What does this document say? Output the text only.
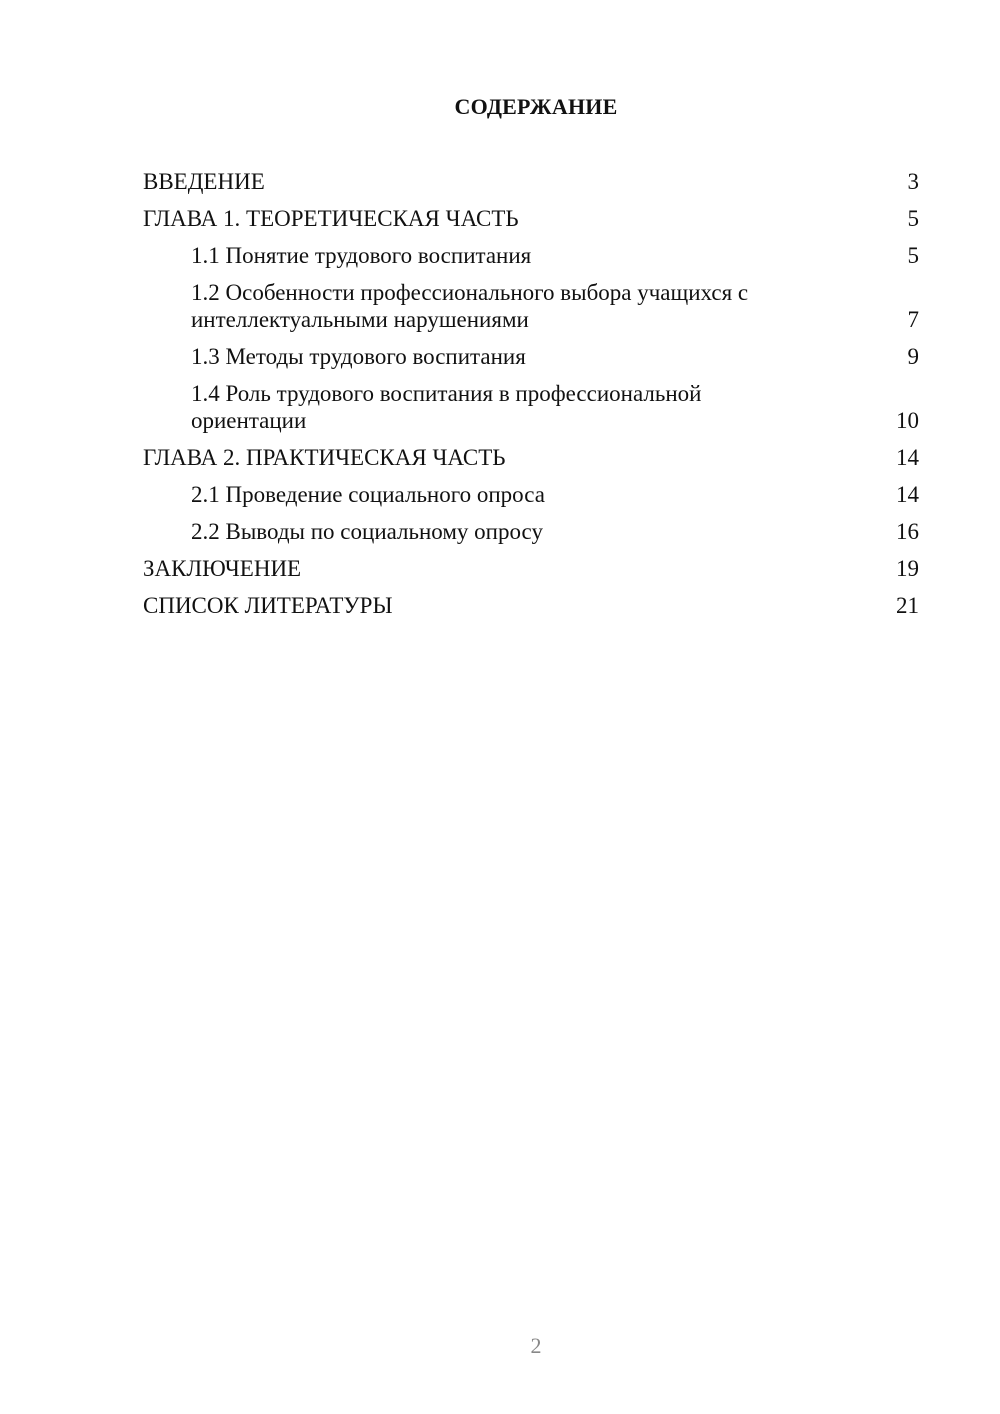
СОДЕРЖАНИЕ
ВВЕДЕНИЕ	3
ГЛАВА 1. ТЕОРЕТИЧЕСКАЯ ЧАСТЬ	5
1.1 Понятие трудового воспитания	5
1.2 Особенности профессионального выбора учащихся с
интеллектуальными нарушениями	7
1.3 Методы трудового воспитания	9
1.4 Роль трудового воспитания в профессиональной
ориентации	10
ГЛАВА 2. ПРАКТИЧЕСКАЯ ЧАСТЬ	14
2.1 Проведение социального опроса	14
2.2 Выводы по социальному опросу	16
ЗАКЛЮЧЕНИЕ	19
СПИСОК ЛИТЕРАТУРЫ	21
2
